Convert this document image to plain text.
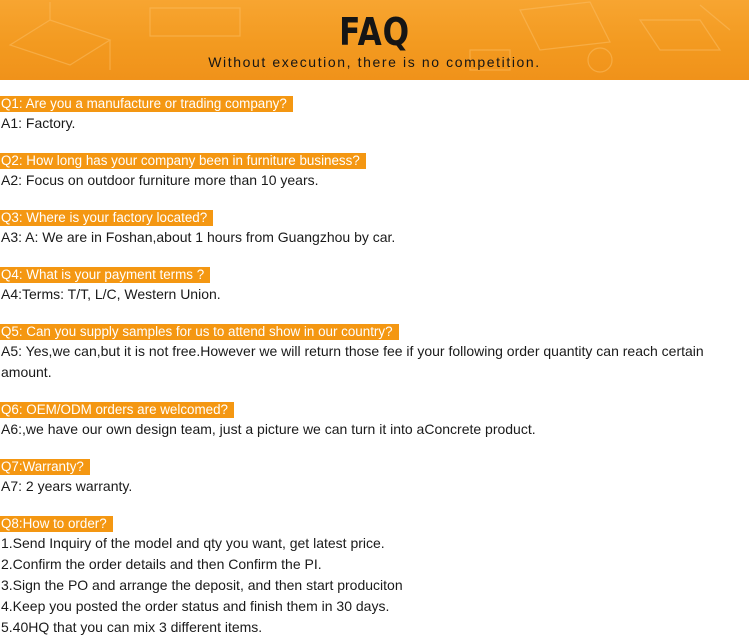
FAQ
Without execution, there is no competition.
Q1: Are you a manufacture or trading company?
A1: Factory.
Q2: How long has your company been in furniture business?
A2: Focus on outdoor furniture more than 10 years.
Q3: Where is your factory located?
A3: A: We are in Foshan,about 1 hours from Guangzhou by car.
Q4: What is your payment terms ?
A4:Terms: T/T, L/C, Western Union.
Q5: Can you supply samples for us to attend show in our country?
A5: Yes,we can,but it is not free.However we will return those fee if your following order quantity can reach certain amount.
Q6: OEM/ODM orders are welcomed?
A6:,we have our own design team, just a picture we can turn it into aConcrete product.
Q7:Warranty?
A7: 2 years warranty.
Q8:How to order?
1.Send Inquiry of the model and qty you want, get latest price.
2.Confirm the order details and then Confirm the PI.
3.Sign the PO and arrange the deposit, and then start produciton
4.Keep you posted the order status and finish them in 30 days.
5.40HQ that you can mix 3 different items.
